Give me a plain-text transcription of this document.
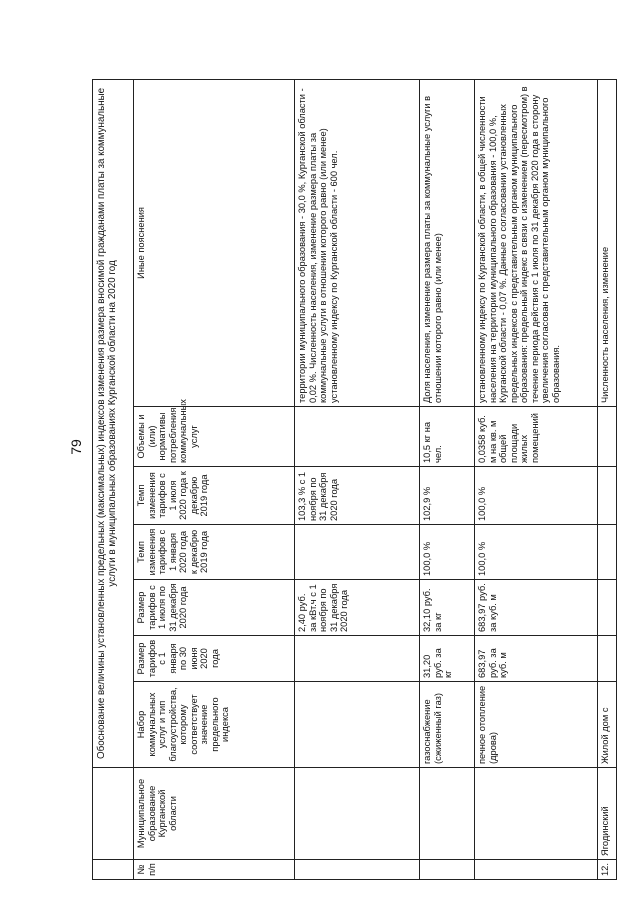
79
		Обоснование величины установленных предельных (максимальных) индексов изменения размера вносимой гражданами платы за коммунальные услуги в муниципальных образованиях Курганской области на 2020 год						
№ п/п	Муниципальное образование Курганской области	Набор коммунальных услуг и тип благоустройства, которому соответствует значение предельного индекса	Размер тарифов с 1 января по 30 июня 2020 года	Размер тарифов с 1 июля по 31 декабря 2020 года	Темп изменения тарифов с 1 января 2020 года к декабрю 2019 года	Темп изменения тарифов с 1 июля 2020 года к декабрю 2019 года	Объемы и (или) нормативы потребления коммунальных услуг	Иные пояснения
				2,40 руб. за кВт.ч с 1 ноября по 31 декабря 2020 года		103,3 % с 1 ноября по 31 декабря 2020 года		территории муниципального образования - 30,0 %, Курганской области - 0,02 %. Численность населения, изменение размера платы за коммунальные услуги в отношении которого равно (или менее) установленному индексу по Курганской области - 600 чел.
		газоснабжение (сжиженный газ)	31,20 руб. за кг	32,10 руб. за кг	100,0 %	102,9 %	10,5 кг на чел.	Доля населения, изменение размера платы за коммунальные услуги в отношении которого равно (или менее)
		печное отопление (дрова)	683,97 руб. за куб. м	683,97 руб. за куб. м	100,0 %	100,0 %	0,0358 куб. м на кв. м общей площади жилых помещений	установленному индексу по Курганской области, в общей численности населения на территории муниципального образования - 100,0 %, Курганской области - 0,07 %. Данные о согласовании установленных предельных индексов с представительным органом муниципального образования: предельный индекс в связи с изменением (пересмотром) в течение периода действия с 1 июля по 31 декабря 2020 года в сторону увеличения согласован с представительным органом муниципального образования.
12.	Ягодинский	Жилой дом с						Численность населения, изменение
